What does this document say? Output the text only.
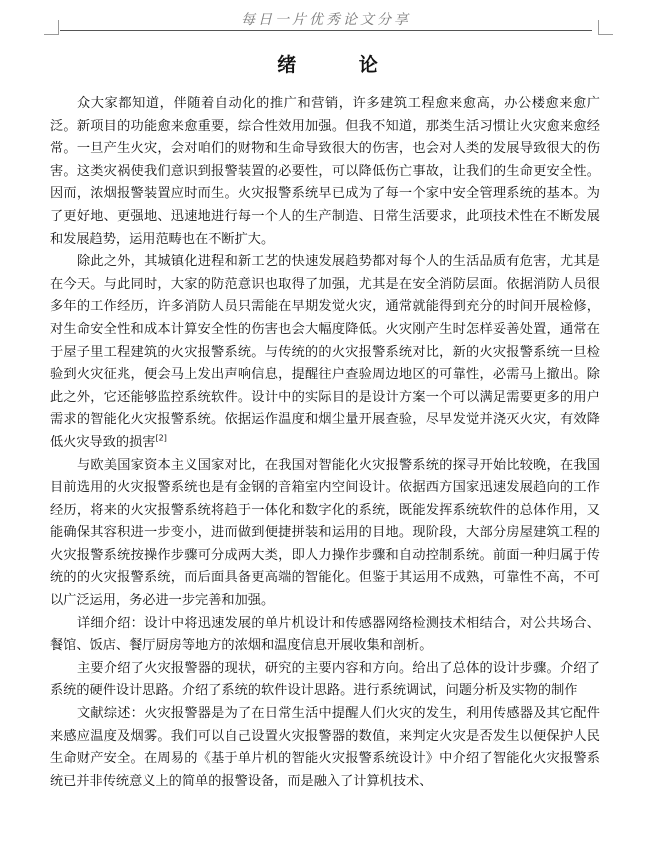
每日一片优秀论文分享
绪 论

众大家都知道，伴随着自动化的推广和营销，许多建筑工程愈来愈高，办公楼愈来愈广泛。新项目的功能愈来愈重要，综合性效用加强。但我不知道，那类生活习惯让火灾愈来愈经常。一旦产生火灾，会对咱们的财物和生命导致很大的伤害，也会对人类的发展导致很大的伤害。这类灾祸使我们意识到报警装置的必要性，可以降低伤亡事故，让我们的生命更安全性。因而，浓烟报警装置应时而生。火灾报警系统早已成为了每一个家中安全管理系统的基本。为了更好地、更强地、迅速地进行每一个人的生产制造、日常生活要求，此项技术性在不断发展和发展趋势，运用范畴也在不断扩大。

除此之外，其城镇化进程和新工艺的快速发展趋势都对每个人的生活品质有危害，尤其是在今天。与此同时，大家的防范意识也取得了加强，尤其是在安全消防层面。依据消防人员很多年的工作经历，许多消防人员只需能在早期发觉火灾，通常就能得到充分的时间开展检修，对生命安全性和成本计算安全性的伤害也会大幅度降低。火灾刚产生时怎样妥善处置，通常在于屋子里工程建筑的火灾报警系统。与传统的的火灾报警系统对比，新的火灾报警系统一旦检验到火灾征兆，便会马上发出声响信息，提醒往户查验周边地区的可靠性，必需马上撤出。除此之外，它还能够监控系统软件。设计中的实际目的是设计方案一个可以满足需要更多的用户需求的智能化火灾报警系统。依据运作温度和烟尘量开展查验，尽早发觉并浇灭火灾，有效降低火灾导致的损害[2]

与欧美国家资本主义国家对比，在我国对智能化火灾报警系统的探寻开始比较晚，在我国目前选用的火灾报警系统也是有金钢的音箱室内空间设计。依据西方国家迅速发展趋向的工作经历，将来的火灾报警系统将趋于一体化和数字化的系统，既能发挥系统软件的总体作用，又能确保其容积进一步变小，进而做到便捷拼装和运用的目地。现阶段，大部分房屋建筑工程的火灾报警系统按操作步骤可分成两大类，即人力操作步骤和自动控制系统。前面一种归属于传统的的火灾报警系统，而后面具备更高端的智能化。但鉴于其运用不成熟，可靠性不高，不可以广泛运用，务必进一步完善和加强。

详细介绍：设计中将迅速发展的单片机设计和传感器网络检测技术相结合，对公共场合、餐馆、饭店、餐厅厨房等地方的浓烟和温度信息开展收集和剖析。

主要介绍了火灾报警器的现状，研究的主要内容和方向。给出了总体的设计步骤。介绍了系统的硬件设计思路。介绍了系统的软件设计思路。进行系统调试，问题分析及实物的制作

文献综述：火灾报警器是为了在日常生活中提醒人们火灾的发生，利用传感器及其它配件来感应温度及烟雾。我们可以自己设置火灾报警器的数值，来判定火灾是否发生以便保护人民生命财产安全。在周易的《基于单片机的智能火灾报警系统设计》中介绍了智能化火灾报警系统已并非传统意义上的简单的报警设备，而是融入了计算机技术、
